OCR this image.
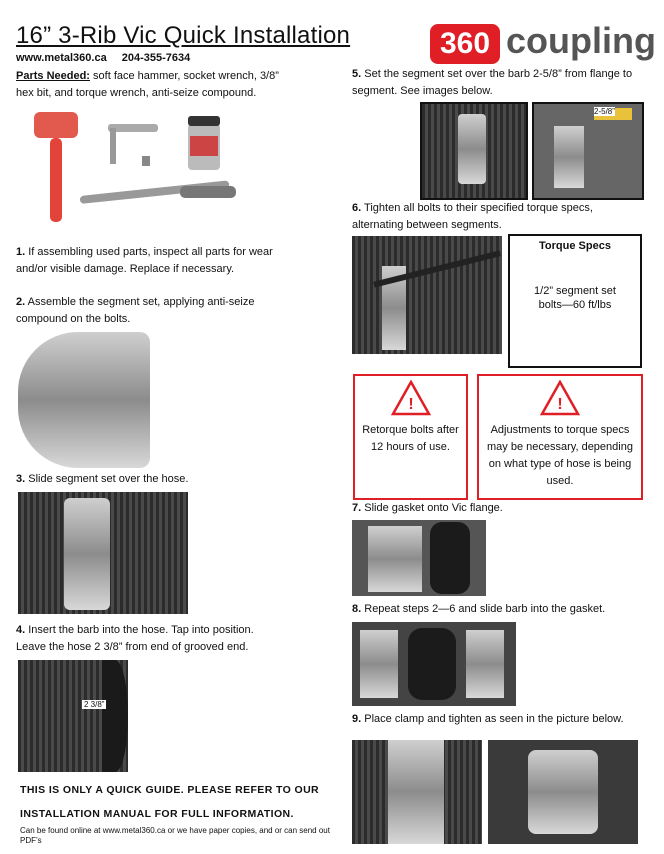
16” 3-Rib Vic Quick Installation
www.metal360.ca 204-355-7634	360 coupling
Parts Needed: soft face hammer, socket wrench, 3/8” hex bit, and torque wrench, anti-seize compound.
1. If assembling used parts, inspect all parts for wear and/or visible damage. Replace if necessary.
2. Assemble the segment set, applying anti-seize compound on the bolts.
3. Slide segment set over the hose.
4. Insert the barb into the hose. Tap into position. Leave the hose 2 3/8” from end of grooved end.
2 3/8”
THIS IS ONLY A QUICK GUIDE. PLEASE REFER TO OUR
INSTALLATION MANUAL FOR FULL INFORMATION.
Can be found online at www.metal360.ca or we have paper copies, and or can send out PDF’s
5. Set the segment set over the barb 2-5/8” from flange to segment. See images below.
2-5/8”
6. Tighten all bolts to their specified torque specs, alternating between segments.
Torque Specs
1/2” segment set bolts—60 ft/lbs
!
Retorque bolts after 12 hours of use.
!
Adjustments to torque specs may be necessary, depending on what type of hose is being used.
7. Slide gasket onto Vic flange.
8. Repeat steps 2—6 and slide barb into the gasket.
9. Place clamp and tighten as seen in the picture below.
